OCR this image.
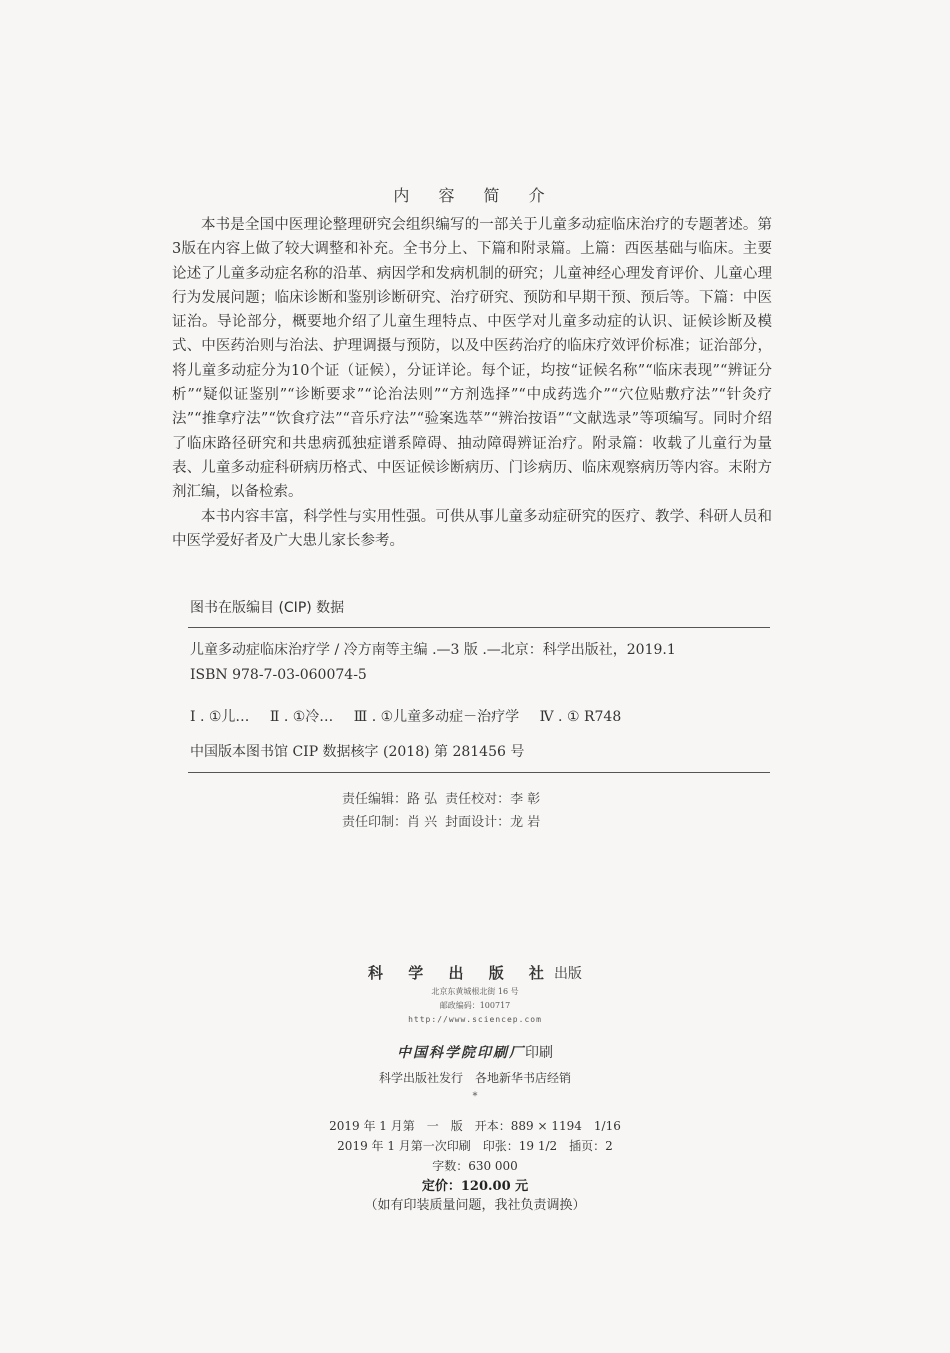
内 容 简 介

本书是全国中医理论整理研究会组织编写的一部关于儿童多动症临床治疗的专题著述。第3版在内容上做了较大调整和补充。全书分上、下篇和附录篇。上篇：西医基础与临床。主要论述了儿童多动症名称的沿革、病因学和发病机制的研究；儿童神经心理发育评价、儿童心理行为发展问题；临床诊断和鉴别诊断研究、治疗研究、预防和早期干预、预后等。下篇：中医证治。导论部分，概要地介绍了儿童生理特点、中医学对儿童多动症的认识、证候诊断及模式、中医药治则与治法、护理调摄与预防，以及中医药治疗的临床疗效评价标准；证治部分，将儿童多动症分为10个证（证候），分证详论。每个证，均按“证候名称”“临床表现”“辨证分析”“疑似证鉴别”“诊断要求”“论治法则”“方剂选择”“中成药选介”“穴位贴敷疗法”“针灸疗法”“推拿疗法”“饮食疗法”“音乐疗法”“验案选萃”“辨治按语”“文献选录”等项编写。同时介绍了临床路径研究和共患病孤独症谱系障碍、抽动障碍辨证治疗。附录篇：收载了儿童行为量表、儿童多动症科研病历格式、中医证候诊断病历、门诊病历、临床观察病历等内容。末附方剂汇编，以备检索。

本书内容丰富，科学性与实用性强。可供从事儿童多动症研究的医疗、教学、科研人员和中医学爱好者及广大患儿家长参考。

图书在版编目 (CIP) 数据
儿童多动症临床治疗学 / 冷方南等主编 .—3 版 .—北京：科学出版社，2019.1
ISBN 978-7-03-060074-5
Ⅰ . ①儿… Ⅱ . ①冷… Ⅲ . ①儿童多动症－治疗学 Ⅳ . ① R748
中国版本图书馆 CIP 数据核字 (2018) 第 281456 号
责任编辑：路 弘 责任校对：李 彰
责任印制：肖 兴 封面设计：龙 岩
科 学 出 版 社出版
北京东黄城根北街 16 号
邮政编码：100717
http://www.sciencep.com
中国科学院印刷厂印刷
科学出版社发行　各地新华书店经销
*
2019 年 1 月第　一　版　开本：889 × 1194　1/16
2019 年 1 月第一次印刷　印张：19 1/2　插页：2
字数：630 000
定价：120.00 元
（如有印装质量问题，我社负责调换）
